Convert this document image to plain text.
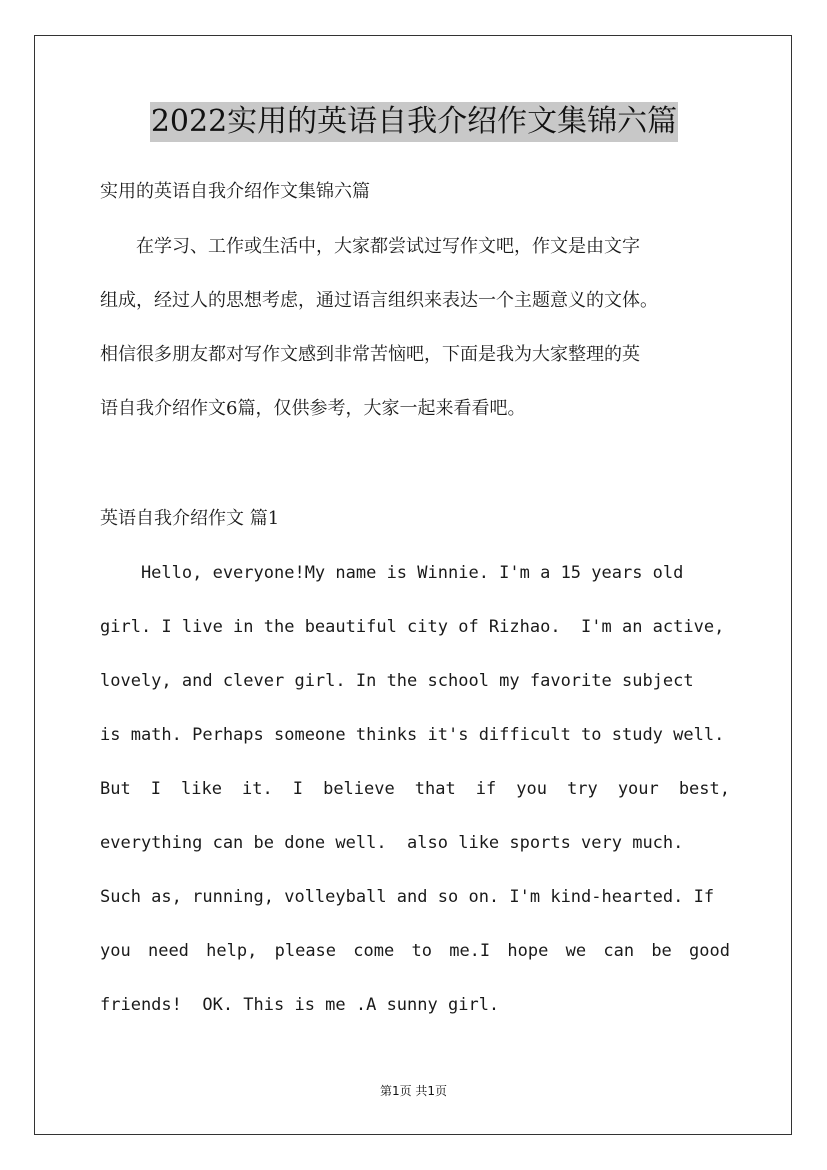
2022实用的英语自我介绍作文集锦六篇
实用的英语自我介绍作文集锦六篇
　　在学习、工作或生活中，大家都尝试过写作文吧，作文是由文字
组成，经过人的思想考虑，通过语言组织来表达一个主题意义的文体。
相信很多朋友都对写作文感到非常苦恼吧，下面是我为大家整理的英
语自我介绍作文6篇，仅供参考，大家一起来看看吧。
英语自我介绍作文 篇1
Hello, everyone!My name is Winnie. I'm a 15 years old
girl. I live in the beautiful city of Rizhao.  I'm an active,
lovely, and clever girl. In the school my favorite subject
is math. Perhaps someone thinks it's difficult to study well.
But I like it. I believe that if you try your best,
everything can be done well.  also like sports very much.
Such as, running, volleyball and so on. I'm kind-hearted. If
you need help, please come to me.I hope we can be good
friends!  OK. This is me .A sunny girl.
第1页 共1页
